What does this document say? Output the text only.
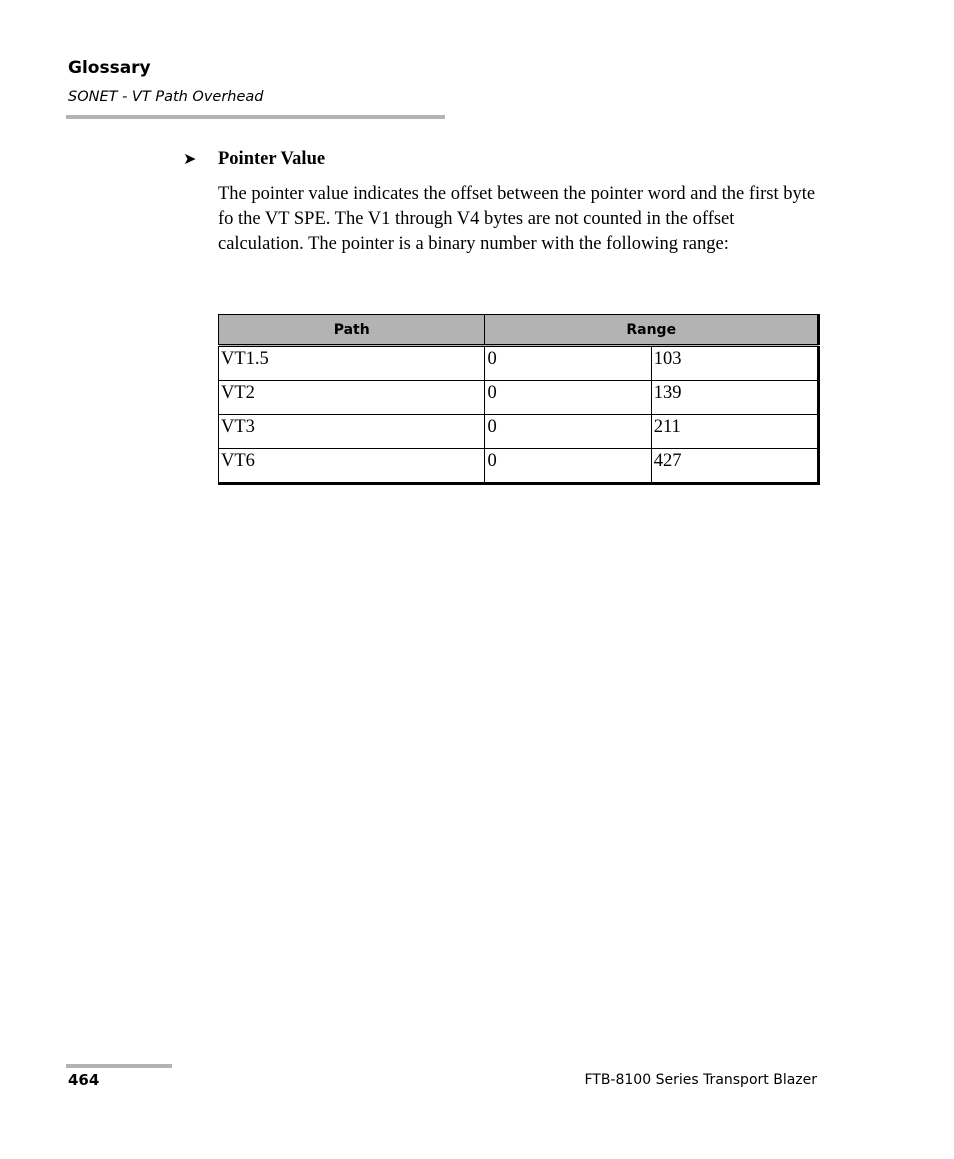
Glossary
SONET - VT Path Overhead
➤ Pointer Value

The pointer value indicates the offset between the pointer word and the first byte fo the VT SPE. The V1 through V4 bytes are not counted in the offset calculation. The pointer is a binary number with the following range:

Path	Range	
VT1.5	0	103
VT2	0	139
VT3	0	211
VT6	0	427
464	FTB-8100 Series Transport Blazer
